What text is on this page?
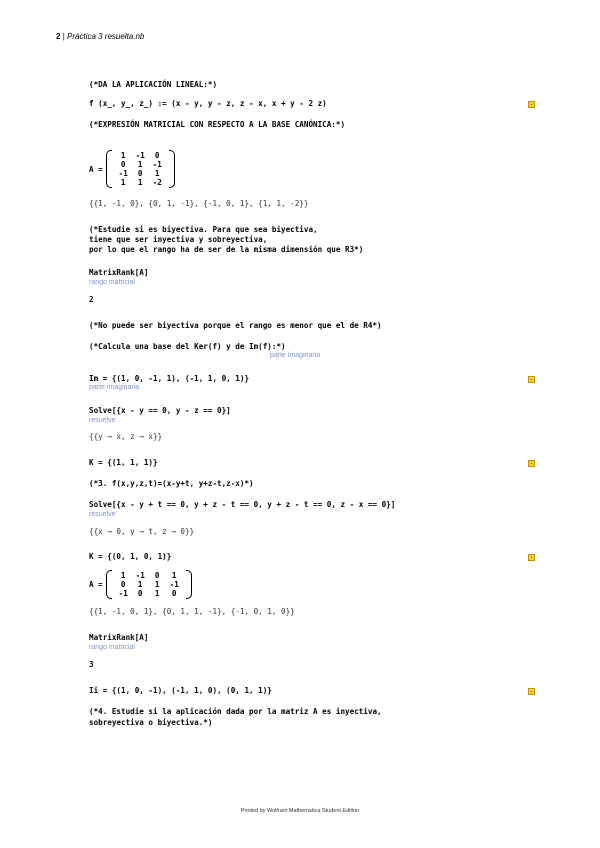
2 | Práctica 3 resuelta.nb
(*DA LA APLICACIÓN LINEAL:*)
f (x_, y_, z_) := (x - y, y - z, z - x, x + y - 2 z)
(*EXPRESIÓN MATRICIAL CON RESPECTO A LA BASE CANÓNICA:*)
A =
1	-1	0
0	1	-1
-1	0	1
1	1	-2
{{1, -1, 0}, {0, 1, -1}, {-1, 0, 1}, {1, 1, -2}}
(*Estudie si es biyectiva. Para que sea biyectiva,
tiene que ser inyectiva y sobreyectiva,
por lo que el rango ha de ser de la misma dimensión que R3*)
MatrixRank[A]
rango matricial
2
(*No puede ser biyectiva porque el rango es menor que el de R4*)
(*Calcula una base del Ker(f) y de Im(f):*)
parte imaginaria
Im = {(1, 0, -1, 1), (-1, 1, 0, 1)}
parte imaginaria
Solve[{x - y == 0, y - z == 0}]
resuelve
{{y → x, z → x}}
K = {(1, 1, 1)}
(*3. f(x,y,z,t)=(x-y+t, y+z-t,z-x)*)
Solve[{x - y + t == 0, y + z - t == 0, y + z - t == 0, z - x == 0}]
resuelve
{{x → 0, y → t, z → 0}}
K = {(0, 1, 0, 1)}
A =
1	-1	0	1
0	1	1	-1
-1	0	1	0
{{1, -1, 0, 1}, {0, 1, 1, -1}, {-1, 0, 1, 0}}
MatrixRank[A]
rango matricial
3
Ii = {(1, 0, -1), (-1, 1, 0), (0, 1, 1)}
(*4. Estudie si la aplicación dada por la matriz A es inyectiva,
sobreyectiva o biyectiva.*)
Printed by Wolfram Mathematica Student Edition
